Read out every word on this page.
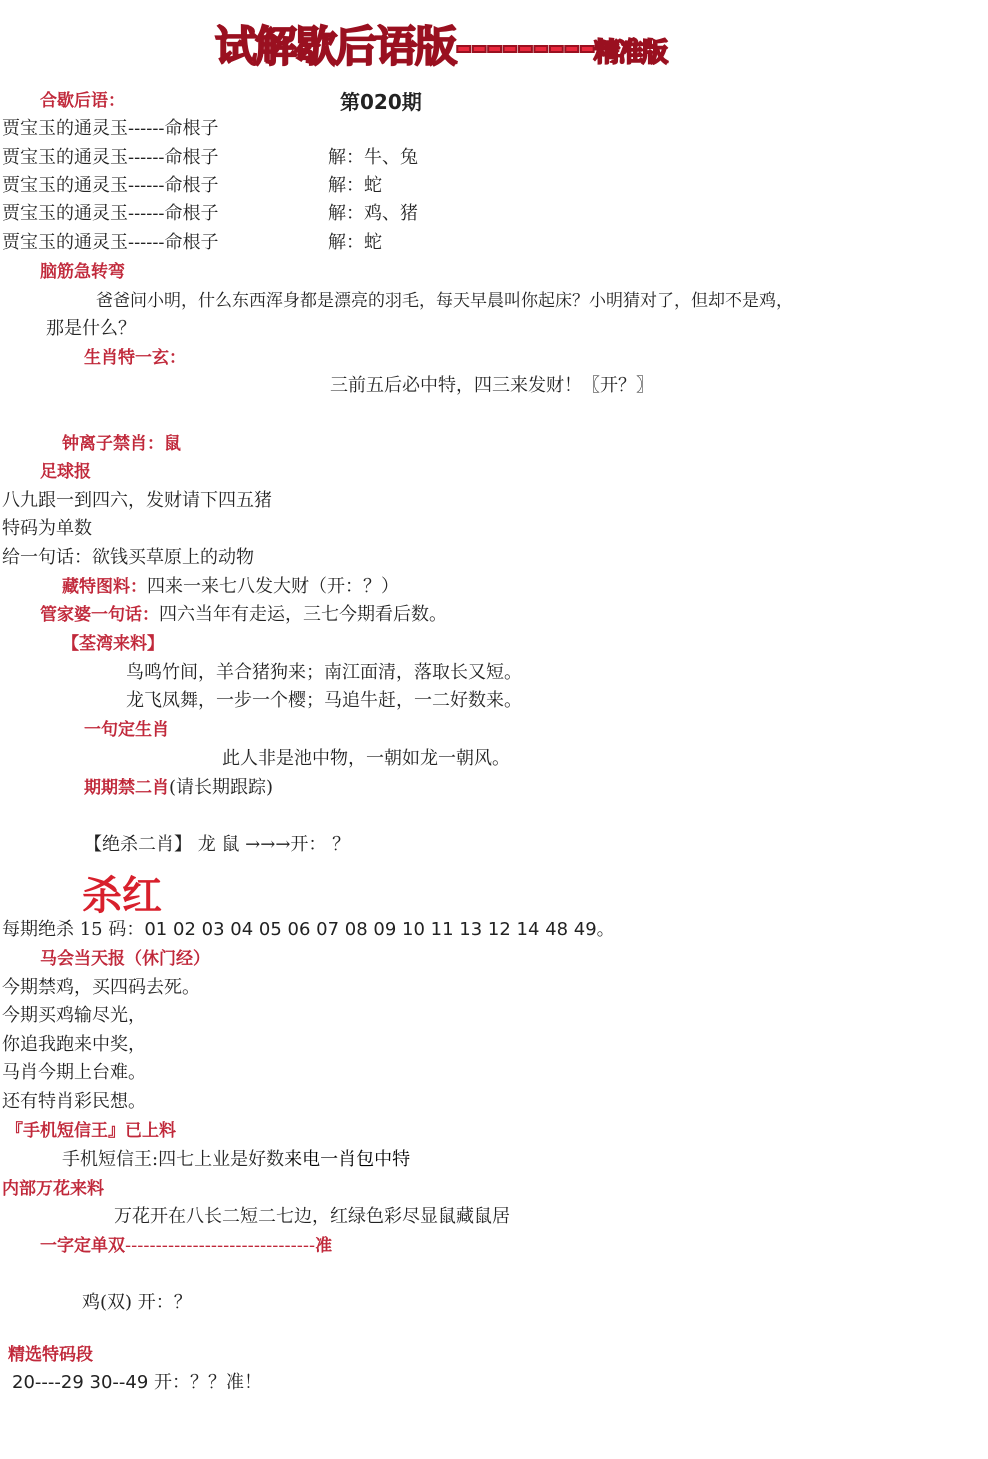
试解歇后语版---------精准版
合歇后语：	第020期
贾宝玉的通灵玉------命根子
贾宝玉的通灵玉------命根子	解：牛、兔
贾宝玉的通灵玉------命根子	解：蛇
贾宝玉的通灵玉------命根子	解：鸡、猪
贾宝玉的通灵玉------命根子	解：蛇
脑筋急转弯
爸爸问小明，什么东西浑身都是漂亮的羽毛，每天早晨叫你起床？小明猜对了，但却不是鸡，
那是什么？
生肖特一玄：
三前五后必中特，四三来发财！〖开？〗
钟离子禁肖：鼠
足球报
八九跟一到四六，发财请下四五猪
特码为单数
给一句话：欲钱买草原上的动物
藏特图料：四来一来七八发大财（开：？）
管家婆一句话：四六当年有走运，三七今期看后数。
【荃湾来料】
鸟鸣竹间，羊合猪狗来；南江面清，落取长又短。
龙飞凤舞，一步一个樱；马追牛赶，一二好数来。
一句定生肖
此人非是池中物，一朝如龙一朝风。
期期禁二肖(请长期跟踪)
【绝杀二肖】 龙 鼠 →→→开： ？
杀红
每期绝杀 15 码：01 02 03 04 05 06 07 08 09 10 11 13 12 14 48 49。
马会当天报（休门经）
今期禁鸡，买四码去死。
今期买鸡输尽光，
你追我跑来中奖，
马肖今期上台难。
还有特肖彩民想。
『手机短信王』已上料
手机短信王:四七上业是好数来电一肖包中特
内部万花来料
万花开在八长二短二七边，红绿色彩尽显鼠藏鼠居
一字定单双-------------------------------准
鸡(双) 开：？
精选特码段
20----29 30--49 开：？？准！
